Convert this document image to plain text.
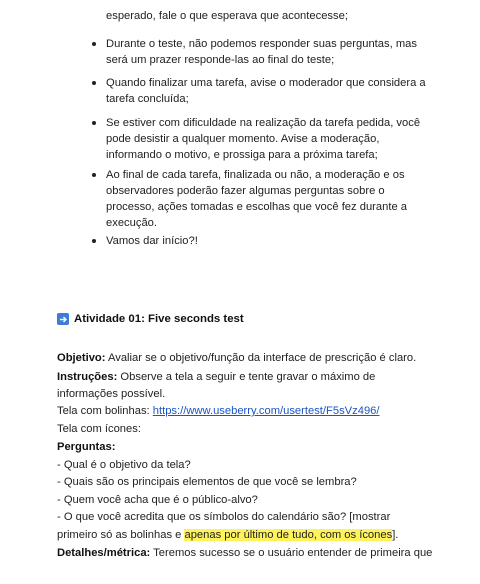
esperado, fale o que esperava que acontecesse;
Durante o teste, não podemos responder suas perguntas, mas
será um prazer responde-las ao final do teste;
Quando finalizar uma tarefa, avise o moderador que considera a
tarefa concluída;
Se estiver com dificuldade na realização da tarefa pedida, você
pode desistir a qualquer momento. Avise a moderação,
informando o motivo, e prossiga para a próxima tarefa;
Ao final de cada tarefa, finalizada ou não, a moderação e os
observadores poderão fazer algumas perguntas sobre o
processo, ações tomadas e escolhas que você fez durante a
execução.
Vamos dar início?!
Atividade 01: Five seconds test
Objetivo: Avaliar se o objetivo/função da interface de prescrição é claro.
Instruções: Observe a tela a seguir e tente gravar o máximo de
informações possível.
Tela com bolinhas: https://www.useberry.com/usertest/F5sVz496/
Tela com ícones:
Perguntas:
- Qual é o objetivo da tela?
- Quais são os principais elementos de que você se lembra?
- Quem você acha que é o público-alvo?
- O que você acredita que os símbolos do calendário são? [mostrar
primeiro só as bolinhas e apenas por último de tudo, com os ícones].
Detalhes/métrica: Teremos sucesso se o usuário entender de primeira que
